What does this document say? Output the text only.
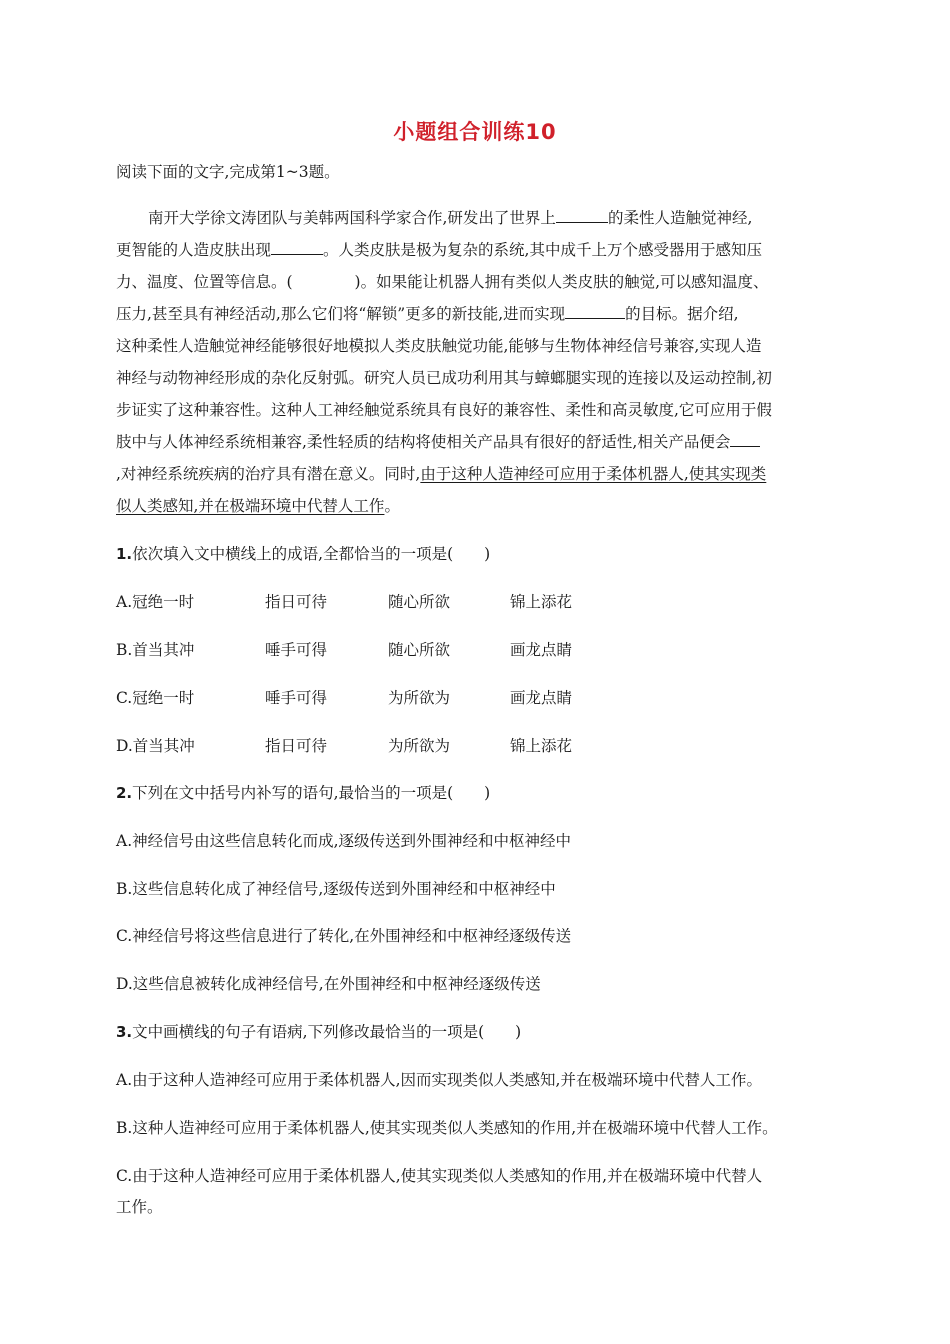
小题组合训练10
阅读下面的文字,完成第1~3题。
南开大学徐文涛团队与美韩两国科学家合作,研发出了世界上	的柔性人造触觉神经,
更智能的人造皮肤出现	。人类皮肤是极为复杂的系统,其中成千上万个感受器用于感知压
力、温度、位置等信息。(　　　　)。如果能让机器人拥有类似人类皮肤的触觉,可以感知温度、
压力,甚至具有神经活动,那么它们将“解锁”更多的新技能,进而实现	的目标。据介绍,
这种柔性人造触觉神经能够很好地模拟人类皮肤触觉功能,能够与生物体神经信号兼容,实现人造
神经与动物神经形成的杂化反射弧。研究人员已成功利用其与蟑螂腿实现的连接以及运动控制,初
步证实了这种兼容性。这种人工神经触觉系统具有良好的兼容性、柔性和高灵敏度,它可应用于假
肢中与人体神经系统相兼容,柔性轻质的结构将使相关产品具有很好的舒适性,相关产品便会
,对神经系统疾病的治疗具有潜在意义。同时,由于这种人造神经可应用于柔体机器人,使其实现类
似人类感知,并在极端环境中代替人工作。
1.依次填入文中横线上的成语,全都恰当的一项是(　　)
A.冠绝一时	指日可待	随心所欲	锦上添花
B.首当其冲	唾手可得	随心所欲	画龙点睛
C.冠绝一时	唾手可得	为所欲为	画龙点睛
D.首当其冲	指日可待	为所欲为	锦上添花
2.下列在文中括号内补写的语句,最恰当的一项是(　　)
A.神经信号由这些信息转化而成,逐级传送到外围神经和中枢神经中
B.这些信息转化成了神经信号,逐级传送到外围神经和中枢神经中
C.神经信号将这些信息进行了转化,在外围神经和中枢神经逐级传送
D.这些信息被转化成神经信号,在外围神经和中枢神经逐级传送
3.文中画横线的句子有语病,下列修改最恰当的一项是(　　)
A.由于这种人造神经可应用于柔体机器人,因而实现类似人类感知,并在极端环境中代替人工作。
B.这种人造神经可应用于柔体机器人,使其实现类似人类感知的作用,并在极端环境中代替人工作。
C.由于这种人造神经可应用于柔体机器人,使其实现类似人类感知的作用,并在极端环境中代替人
工作。
